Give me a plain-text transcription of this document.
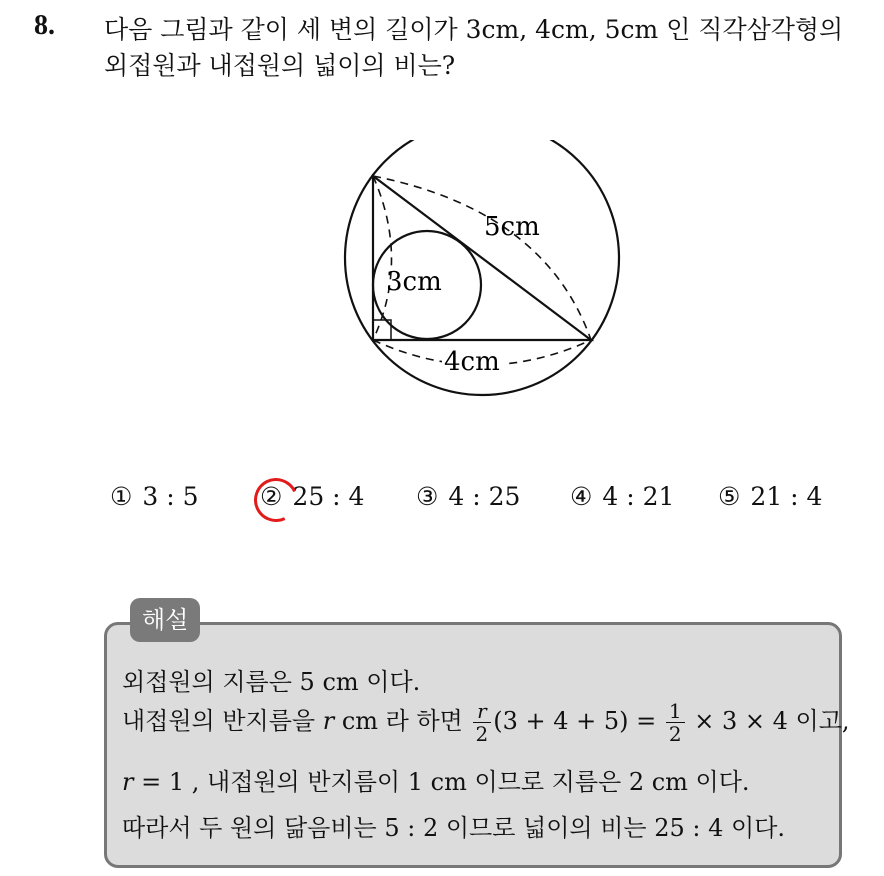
8. 다음 그림과 같이 세 변의 길이가 3cm, 4cm, 5cm 인 직각삼각형의
외접원과 내접원의 넓이의 비는?
5cm
3cm
4cm
① 3 : 5 ② 25 : 4 ③ 4 : 25 ④ 4 : 21 ⑤ 21 : 4
해설
외접원의 지름은 5 cm 이다.
내접원의 반지름을 r cm 라 하면 $\frac{r}{2} (3 + 4 + 5) = \frac{1}{2} \times 3 \times 4$ 이고,
r = 1 , 내접원의 반지름이 1 cm 이므로 지름은 2 cm 이다.
따라서 두 원의 닮음비는 5 : 2 이므로 넓이의 비는 25 : 4 이다.
